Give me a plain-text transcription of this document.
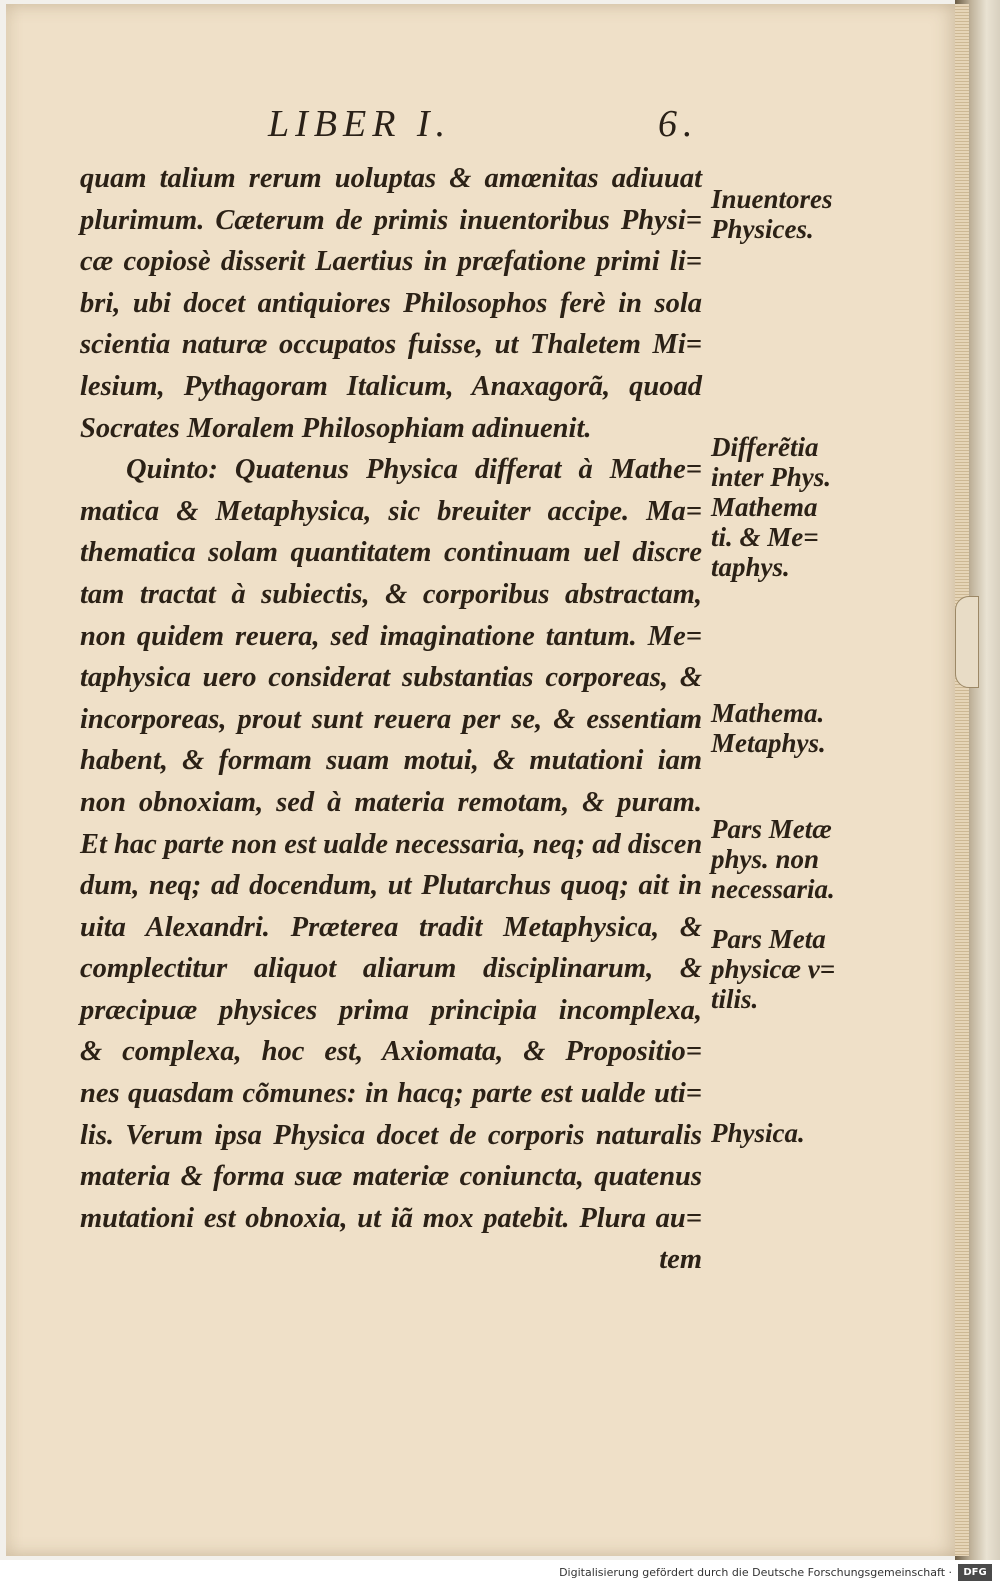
LIBER I.	6.
quam talium rerum uoluptas & amœnitas adiuuat
plurimum. Cæterum de primis inuentoribus Physi=
cæ copiosè disserit Laertius in præfatione primi li=
bri, ubi docet antiquiores Philosophos ferè in sola
scientia naturæ occupatos fuisse, ut Thaletem Mi=
lesium, Pythagoram Italicum, Anaxagorã, quoad
Socrates Moralem Philosophiam adinuenit.
Quinto: Quatenus Physica differat à Mathe=
matica & Metaphysica, sic breuiter accipe. Ma=
thematica solam quantitatem continuam uel discre
tam tractat à subiectis, & corporibus abstractam,
non quidem reuera, sed imaginatione tantum. Me=
taphysica uero considerat substantias corporeas, &
incorporeas, prout sunt reuera per se, & essentiam
habent, & formam suam motui, & mutationi iam
non obnoxiam, sed à materia remotam, & puram.
Et hac parte non est ualde necessaria, neq; ad discen
dum, neq; ad docendum, ut Plutarchus quoq; ait in
uita Alexandri. Præterea tradit Metaphysica, &
complectitur aliquot aliarum disciplinarum, &
præcipuæ physices prima principia incomplexa,
& complexa, hoc est, Axiomata, & Propositio=
nes quasdam cõmunes: in hacq; parte est ualde uti=
lis. Verum ipsa Physica docet de corporis naturalis
materia & forma suæ materiæ coniuncta, quatenus
mutationi est obnoxia, ut iã mox patebit. Plura au=
tem
Inuentores
Physices.
Differẽtia
inter Phys.
Mathema
ti. & Me=
taphys.
Mathema.
Metaphys.
Pars Metæ
phys. non
necessaria.
Pars Meta
physicæ v=
tilis.
Physica.
Digitalisierung gefördert durch die Deutsche Forschungsgemeinschaft ·	DFG
